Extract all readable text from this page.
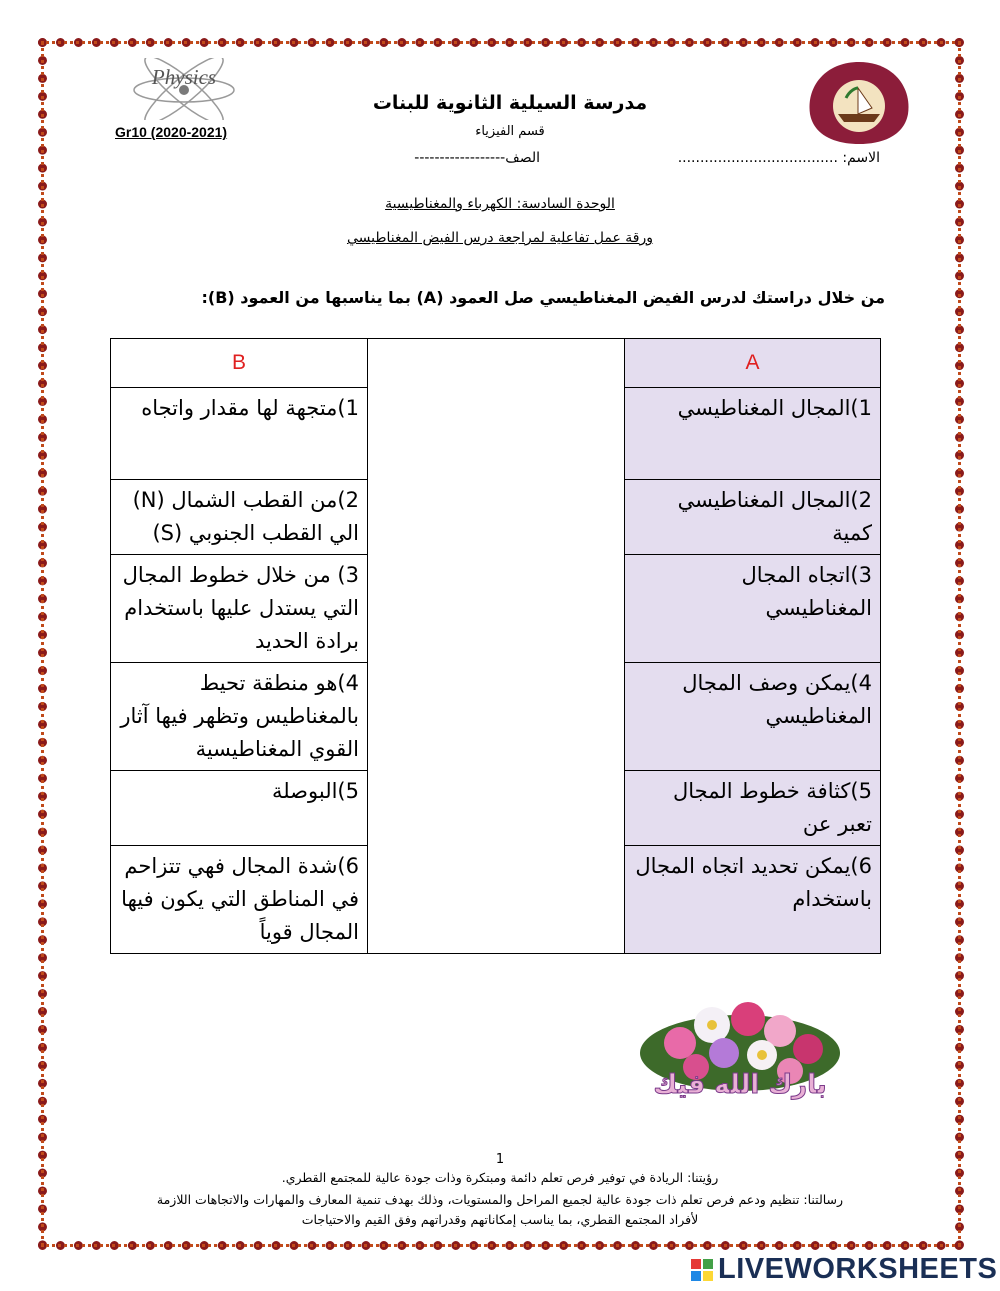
Physics
مدرسة السيلية الثانوية للبنات
قسم الفيزياء
Gr10 (2020-2021)
الاسم: ....................................
الصف------------------
الوحدة السادسة: الكهرباء والمغناطيسية
ورقة عمل تفاعلية لمراجعة درس الفيض المغناطيسي
من خلال دراستك لدرس الفيض المغناطيسي صل العمود (A) بما يناسبها من العمود (B):
A		B
1)المجال المغناطيسي		1)متجهة لها مقدار واتجاه
2)المجال المغناطيسي كمية		2)من القطب الشمال (N) الي القطب الجنوبي (S)
3)اتجاه المجال المغناطيسي		3) من خلال خطوط المجال التي يستدل عليها باستخدام برادة الحديد
4)يمكن وصف المجال المغناطيسي		4)هو منطقة تحيط بالمغناطيس وتظهر فيها آثار القوي المغناطيسية
5)كثافة خطوط المجال تعبر عن		5)البوصلة
6)يمكن تحديد اتجاه المجال باستخدام		6)شدة المجال فهي تتزاحم في المناطق التي يكون فيها المجال قوياً
بارك الله فيك
1
رؤيتنا: الريادة في توفير فرص تعلم دائمة ومبتكرة وذات جودة عالية للمجتمع القطري.
رسالتنا: تنظيم ودعم فرص تعلم ذات جودة عالية لجميع المراحل والمستويات، وذلك بهدف تنمية المعارف والمهارات والاتجاهات اللازمة
لأفراد المجتمع القطري، بما يناسب إمكاناتهم وقدراتهم وفق القيم والاحتياجات
LIVEWORKSHEETS
